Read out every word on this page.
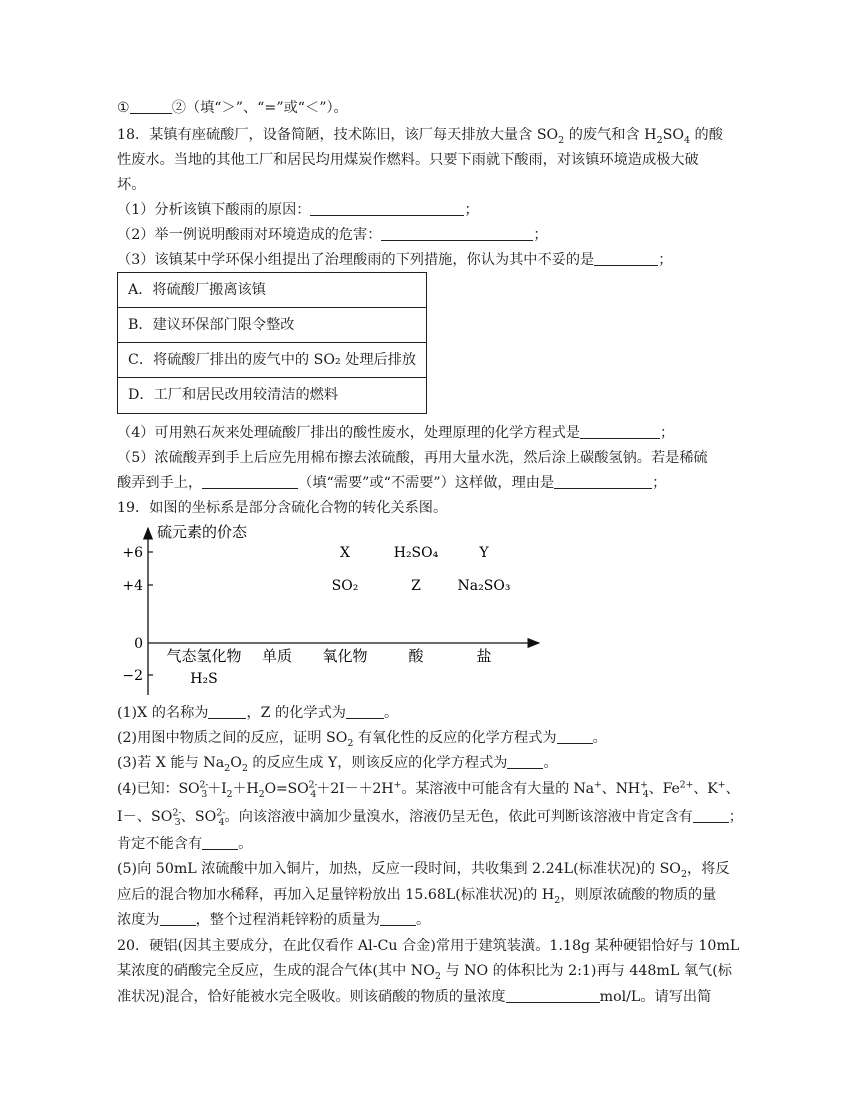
①	②（填“＞”、“=”或“＜”）。
18．某镇有座硫酸厂，设备简陋，技术陈旧，该厂每天排放大量含 $SO_2$ 的废气和含 $H_2SO_4$ 的酸
性废水。当地的其他工厂和居民均用煤炭作燃料。只要下雨就下酸雨，对该镇环境造成极大破
坏。
（1）分析该镇下酸雨的原因：	；
（2）举一例说明酸雨对环境造成的危害：	；
（3）该镇某中学环保小组提出了治理酸雨的下列措施，你认为其中不妥的是	；
A．将硫酸厂搬离该镇
B．建议环保部门限令整改
C．将硫酸厂排出的废气中的 SO₂ 处理后排放
D．工厂和居民改用较清洁的燃料
（4）可用熟石灰来处理硫酸厂排出的酸性废水，处理原理的化学方程式是	；
（5）浓硫酸弄到手上后应先用棉布擦去浓硫酸，再用大量水洗，然后涂上碳酸氢钠。若是稀硫
酸弄到手上，	（填“需要”或“不需要”）这样做，理由是	；
19．如图的坐标系是部分含硫化合物的转化关系图。
硫元素的价态
+6
+4
0
−2
气态氢化物 单质 氧化物	酸	盐
X	H₂SO₄	Y
SO₂	Z	Na₂SO₃
H₂S
(1)X 的名称为	，Z 的化学式为	。
(2)用图中物质之间的反应，证明 $SO_2$ 有氧化性的反应的化学方程式为	。
(3)若 X 能与 $Na_2O_2$ 的反应生成 Y，则该反应的化学方程式为	。
(4)已知：$SO^{2-}_3+I_2+H_2O=SO^{2-}_4+2I-+2H^+$。某溶液中可能含有大量的 Na+、$NH^+_4$、$Fe^{2+}$、K+、
I－、$SO^{2-}_3$、$SO^{2-}_4$。向该溶液中滴加少量溴水，溶液仍呈无色，依此可判断该溶液中肯定含有	；
肯定不能含有	。
(5)向 50mL 浓硫酸中加入铜片，加热，反应一段时间，共收集到 2.24L(标准状况)的 $SO_2$，将反
应后的混合物加水稀释，再加入足量锌粉放出 15.68L(标准状况)的 $H_2$，则原浓硫酸的物质的量
浓度为	，整个过程消耗锌粉的质量为	。
20．硬铝(因其主要成分，在此仅看作 Al-Cu 合金)常用于建筑装潢。1.18g 某种硬铝恰好与 10mL
某浓度的硝酸完全反应，生成的混合气体(其中 $NO_2$ 与 NO 的体积比为 2:1)再与 448mL 氧气(标
准状况)混合，恰好能被水完全吸收。则该硝酸的物质的量浓度	mol/L。请写出简
